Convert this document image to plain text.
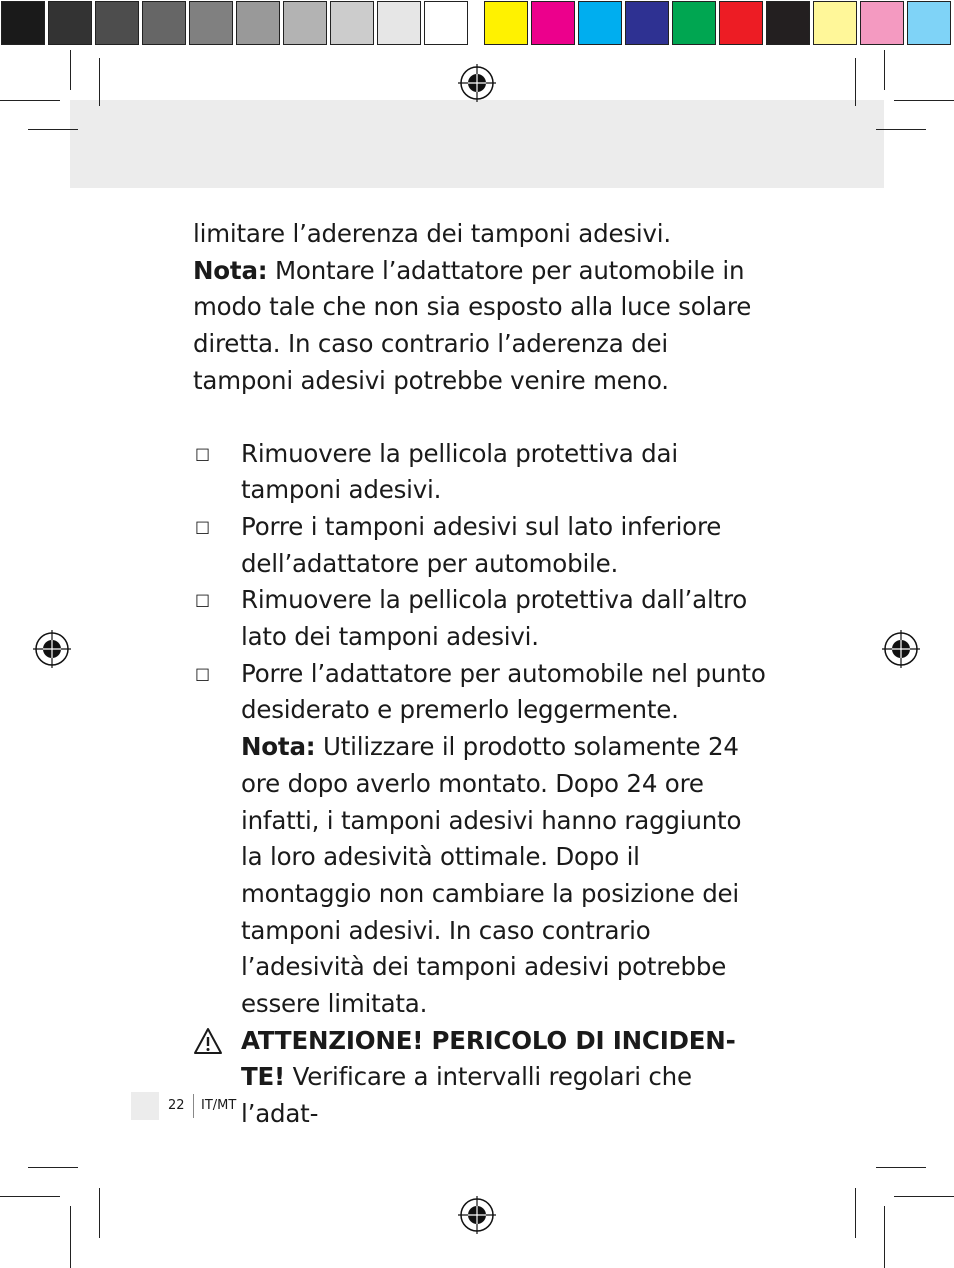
limitare l’aderenza dei tamponi adesivi.

Nota: Montare l’adattatore per automobile in modo tale che non sia esposto alla luce solare diretta. In caso contrario l’aderenza dei tamponi adesivi potrebbe venire meno.

□	Rimuovere la pellicola protettiva dai tamponi adesivi.
□	Porre i tamponi adesivi sul lato inferiore dell’adattatore per automobile.
□	Rimuovere la pellicola protettiva dall’altro lato dei tamponi adesivi.
□	Porre l’adattatore per automobile nel punto desiderato e premerlo leggermente.

Nota: Utilizzare il prodotto solamente 24 ore dopo averlo montato. Dopo 24 ore infatti, i tamponi adesivi hanno raggiunto la loro adesività ottimale. Dopo il montaggio non cambiare la posizione dei tamponi adesivi. In caso contrario l’adesività dei tamponi adesivi potrebbe essere limitata.

ATTENZIONE! PERICOLO DI INCIDEN-TE! Verificare a intervalli regolari che l’adat-

22 IT/MT
